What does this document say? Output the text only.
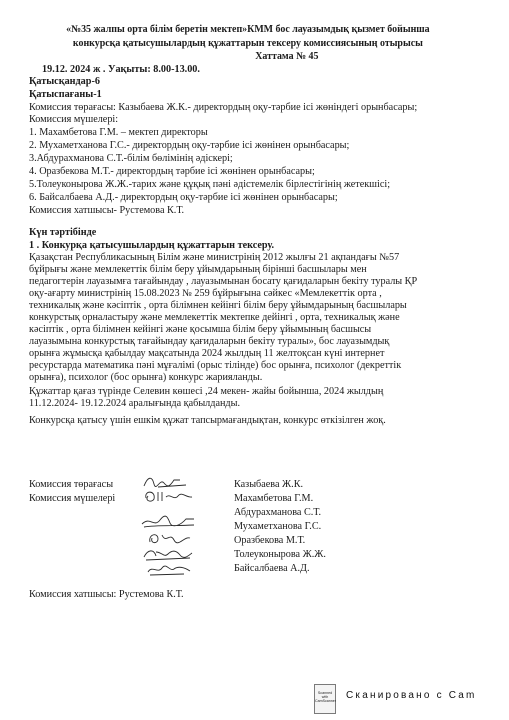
«№35 жалпы орта білім беретін мектеп»КММ бос лауазымдық қызмет бойынша
конкурсқа қатысушылардың құжаттарын тексеру комиссиясының отырысы
Хаттама № 45
19.12. 2024 ж . Уақыты: 8.00-13.00.
Қатысқандар-6
Қатыспағаны-1
Комиссия төрағасы: Казыбаева Ж.К.- директордың оқу-тәрбие ісі жөніндегі орынбасары;
Комиссия мүшелері:
1. Махамбетова Г.М. – мектеп директоры
2. Мухаметханова Г.С.- директордың оқу-тәрбие ісі жөнінен орынбасары;
3.Абдурахманова С.Т.-білім бөлімінің әдіскері;
4. Оразбекова М.Т.- директордың тәрбие ісі жөнінен орынбасары;
5.Толеуконырова Ж.Ж.-тарих және құқық пәні әдістемелік бірлестігінің жетекшісі;
6. Байсалбаева А.Д.- директордың оқу-тәрбие ісі жөнінен орынбасары;
Комиссия хатшысы- Рустемова К.Т.
Күн тәртібінде
1 . Конкурқа қатысушылардың құжаттарын тексеру.
Қазақстан Республикасының Білім және министрінің 2012 жылғы 21 ақпандағы №57
бұйрығы және мемлекеттік білім беру ұйымдарының бірінші басшылары мен
педагогтерін лауазымға тағайындау , лауазымынан босату қағидаларын бекіту туралы ҚР
оқу-ағарту министрінің 15.08.2023 № 259 бұйрығына сәйкес «Мемлекеттік орта ,
техникалық және кәсіптік , орта білімнен кейінгі білім беру ұйымдарының басшылары
конкурстық орналастыру және мемлекеттік мектепке дейінгі , орта, техникалық және
кәсіптік , орта білімнен кейінгі және қосымша білім беру ұйымының басшысы
лауазымына конкурстық тағайындау қағидаларын бекіту туралы», бос лауазымдық
орынға жұмысқа қабылдау мақсатында 2024 жылдың 11 желтоқсан күні интернет
ресурстарда математика пәні мұғалімі (орыс тілінде) бос орынға, психолог (декреттік
орынға), психолог (бос орынға) конкурс жарияланды.
Құжаттар қағаз түрінде Селевин көшесі ,24 мекен- жайы бойынша, 2024 жылдың
11.12.2024- 19.12.2024 аралығында қабылданды.
Конкурсқа қатысу үшін ешкім құжат тапсырмағандықтан, конкурс өткізілген жоқ.
Комиссия төрағасы
Комиссия мүшелері
Казыбаева Ж.К.
Махамбетова Г.М.
Абдурахманова С.Т.
Мухаметханова Г.С.
Оразбекова М.Т.
Толеуконырова Ж.Ж.
Байсалбаева А.Д.
Комиссия хатшысы: Рустемова К.Т.
Scanned with CamScanner Сканировано с Cam
